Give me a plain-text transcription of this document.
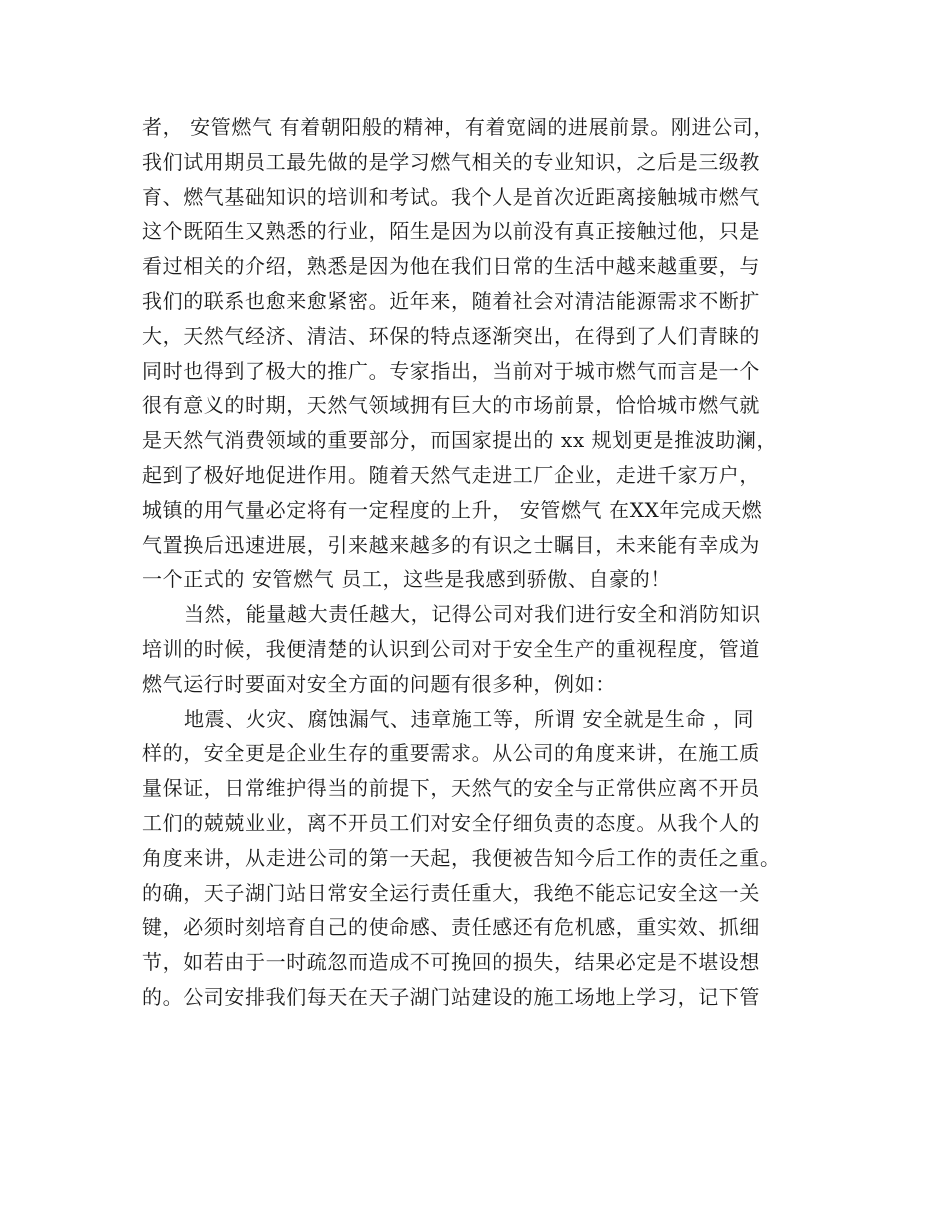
者， 安管燃气 有着朝阳般的精神，有着宽阔的进展前景。刚进公司，
我们试用期员工最先做的是学习燃气相关的专业知识，之后是三级教
育、燃气基础知识的培训和考试。我个人是首次近距离接触城市燃气
这个既陌生又熟悉的行业，陌生是因为以前没有真正接触过他，只是
看过相关的介绍，熟悉是因为他在我们日常的生活中越来越重要，与
我们的联系也愈来愈紧密。近年来，随着社会对清洁能源需求不断扩
大，天然气经济、清洁、环保的特点逐渐突出，在得到了人们青睐的
同时也得到了极大的推广。专家指出，当前对于城市燃气而言是一个
很有意义的时期，天然气领域拥有巨大的市场前景，恰恰城市燃气就
是天然气消费领域的重要部分，而国家提出的 xx 规划更是推波助澜，
起到了极好地促进作用。随着天然气走进工厂企业，走进千家万户，
城镇的用气量必定将有一定程度的上升， 安管燃气 在XX年完成天燃
气置换后迅速进展，引来越来越多的有识之士瞩目，未来能有幸成为
一个正式的 安管燃气 员工，这些是我感到骄傲、自豪的！
当然，能量越大责任越大，记得公司对我们进行安全和消防知识
培训的时候，我便清楚的认识到公司对于安全生产的重视程度，管道
燃气运行时要面对安全方面的问题有很多种，例如：
地震、火灾、腐蚀漏气、违章施工等，所谓 安全就是生命 ，同
样的，安全更是企业生存的重要需求。从公司的角度来讲，在施工质
量保证，日常维护得当的前提下，天然气的安全与正常供应离不开员
工们的兢兢业业，离不开员工们对安全仔细负责的态度。从我个人的
角度来讲，从走进公司的第一天起，我便被告知今后工作的责任之重。
的确，天子湖门站日常安全运行责任重大，我绝不能忘记安全这一关
键，必须时刻培育自己的使命感、责任感还有危机感，重实效、抓细
节，如若由于一时疏忽而造成不可挽回的损失，结果必定是不堪设想
的。公司安排我们每天在天子湖门站建设的施工场地上学习，记下管
